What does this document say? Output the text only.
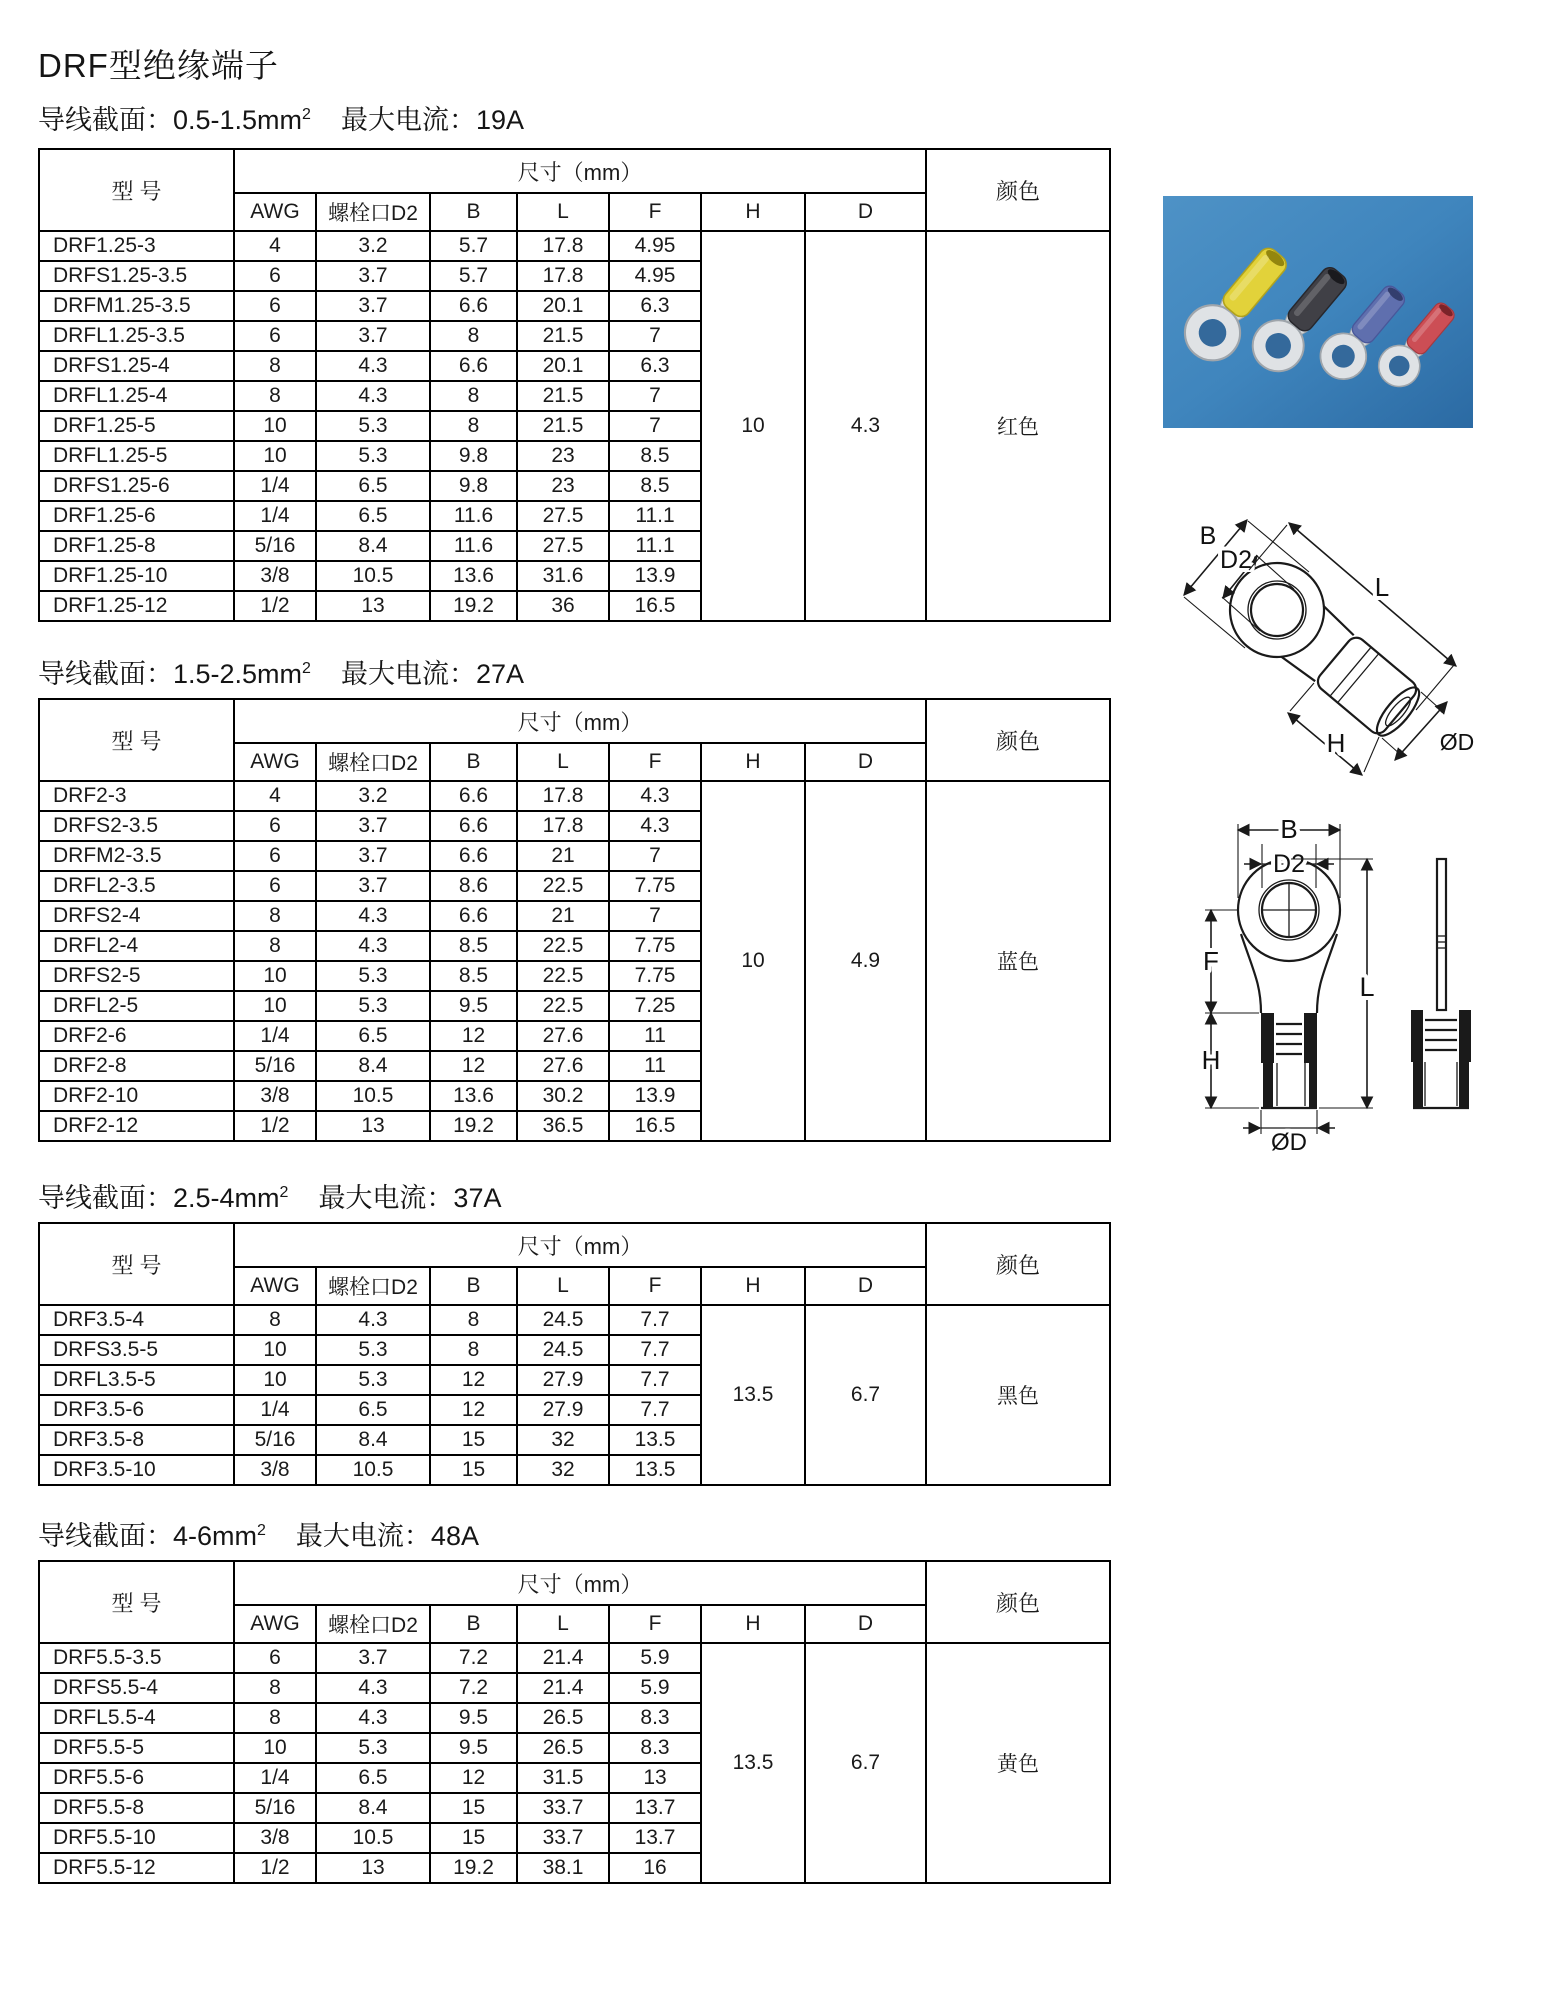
DRF型绝缘端子
导线截面：$0.5-1.5mm^2$ 最大电流：19A
导线截面：$1.5-2.5mm^2$ 最大电流：27A
导线截面：$2.5-4mm^2$ 最大电流：37A
导线截面：$4-6mm^2$ 最大电流：48A
型 号	尺寸（mm）							颜色
	AWG	螺栓口D2	B	L	F	H	D	
DRF1.25-3	4	3.2	5.7	17.8	4.95	10	4.3	红色
DRFS1.25-3.5	6	3.7	5.7	17.8	4.95			
DRFM1.25-3.5	6	3.7	6.6	20.1	6.3			
DRFL1.25-3.5	6	3.7	8	21.5	7			
DRFS1.25-4	8	4.3	6.6	20.1	6.3			
DRFL1.25-4	8	4.3	8	21.5	7			
DRF1.25-5	10	5.3	8	21.5	7			
DRFL1.25-5	10	5.3	9.8	23	8.5			
DRFS1.25-6	1/4	6.5	9.8	23	8.5			
DRF1.25-6	1/4	6.5	11.6	27.5	11.1			
DRF1.25-8	5/16	8.4	11.6	27.5	11.1			
DRF1.25-10	3/8	10.5	13.6	31.6	13.9			
DRF1.25-12	1/2	13	19.2	36	16.5			
型 号	尺寸（mm）							颜色
	AWG	螺栓口D2	B	L	F	H	D	
DRF2-3	4	3.2	6.6	17.8	4.3	10	4.9	蓝色
DRFS2-3.5	6	3.7	6.6	17.8	4.3			
DRFM2-3.5	6	3.7	6.6	21	7			
DRFL2-3.5	6	3.7	8.6	22.5	7.75			
DRFS2-4	8	4.3	6.6	21	7			
DRFL2-4	8	4.3	8.5	22.5	7.75			
DRFS2-5	10	5.3	8.5	22.5	7.75			
DRFL2-5	10	5.3	9.5	22.5	7.25			
DRF2-6	1/4	6.5	12	27.6	11			
DRF2-8	5/16	8.4	12	27.6	11			
DRF2-10	3/8	10.5	13.6	30.2	13.9			
DRF2-12	1/2	13	19.2	36.5	16.5			
型 号	尺寸（mm）							颜色
	AWG	螺栓口D2	B	L	F	H	D	
DRF3.5-4	8	4.3	8	24.5	7.7	13.5	6.7	黑色
DRFS3.5-5	10	5.3	8	24.5	7.7			
DRFL3.5-5	10	5.3	12	27.9	7.7			
DRF3.5-6	1/4	6.5	12	27.9	7.7			
DRF3.5-8	5/16	8.4	15	32	13.5			
DRF3.5-10	3/8	10.5	15	32	13.5			
型 号	尺寸（mm）							颜色
	AWG	螺栓口D2	B	L	F	H	D	
DRF5.5-3.5	6	3.7	7.2	21.4	5.9	13.5	6.7	黄色
DRFS5.5-4	8	4.3	7.2	21.4	5.9			
DRFL5.5-4	8	4.3	9.5	26.5	8.3			
DRF5.5-5	10	5.3	9.5	26.5	8.3			
DRF5.5-6	1/4	6.5	12	31.5	13			
DRF5.5-8	5/16	8.4	15	33.7	13.7			
DRF5.5-10	3/8	10.5	15	33.7	13.7			
DRF5.5-12	1/2	13	19.2	38.1	16			
B
D2
L
H	ØD
B
D2
L
F
H
ØD
